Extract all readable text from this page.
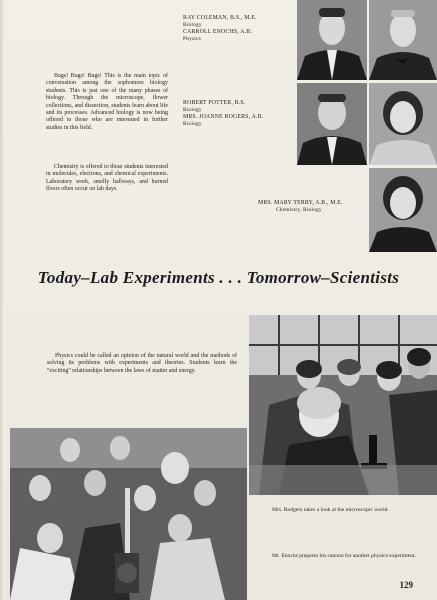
RAY COLEMAN, B.S., M.E.
Biology
CARROLL ENOCHS, A.B.
Physics
ROBERT POTTER, B.S.
Biology
MRS. JOANNE ROGERS, A.B.
Biology
MRS. MARY TERRY, A.B., M.E.
Chemistry, Biology

Bugs! Bugs! Bugs! This is the main topic of conversation among the sophomore biology students. This is just one of the many phases of biology. Through the microscope, flower collections, and dissection, students learn about life and its processes. Advanced biology is now being offered to those who are interested in further studies in this field.

Chemistry is offered to those students interested in molecules, electrons, and chemical experiments. Laboratory work, smelly hallways, and burned floors often occur on lab days.

Today–Lab Experiments . . . Tomorrow–Scientists

Physics could be called an opinion of the natural world and the methods of solving its problems with experiments and theories. Students learn the "exciting" relationships between the laws of matter and energy.

Mrs. Rodgers takes a look at the microscopic world.
Mr. Enochs prepares his cannon for another physics experiment.
129
